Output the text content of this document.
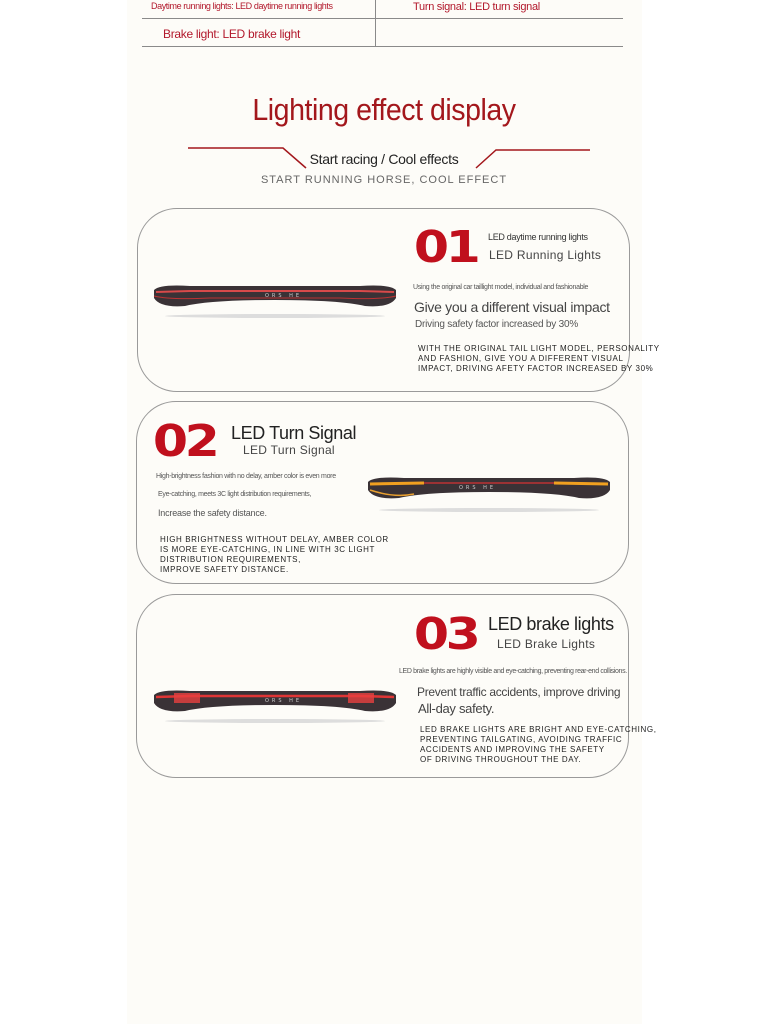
Daytime running lights: LED daytime running lights	Turn signal: LED turn signal
Brake light: LED brake light
Lighting effect display
Start racing / Cool effects
START RUNNING HORSE, COOL EFFECT
01 LED daytime running lights
LED Running Lights
Using the original car taillight model, individual and fashionable
Give you a different visual impact
Driving safety factor increased by 30%
WITH THE ORIGINAL TAIL LIGHT MODEL, PERSONALITY
AND FASHION, GIVE YOU A DIFFERENT VISUAL
IMPACT, DRIVING AFETY FACTOR INCREASED BY 30%
ORS HE
02 LED Turn Signal
LED Turn Signal
High-brightness fashion with no delay, amber color is even more
Eye-catching, meets 3C light distribution requirements,
Increase the safety distance.
HIGH BRIGHTNESS WITHOUT DELAY, AMBER COLOR
IS MORE EYE-CATCHING, IN LINE WITH 3C LIGHT
DISTRIBUTION REQUIREMENTS,
IMPROVE SAFETY DISTANCE.
ORS HE
03 LED brake lights
LED Brake Lights
LED brake lights are highly visible and eye-catching, preventing rear-end collisions.
Prevent traffic accidents, improve driving
All-day safety.
LED BRAKE LIGHTS ARE BRIGHT AND EYE-CATCHING,
PREVENTING TAILGATING, AVOIDING TRAFFIC
ACCIDENTS AND IMPROVING THE SAFETY
OF DRIVING THROUGHOUT THE DAY.
ORS HE
